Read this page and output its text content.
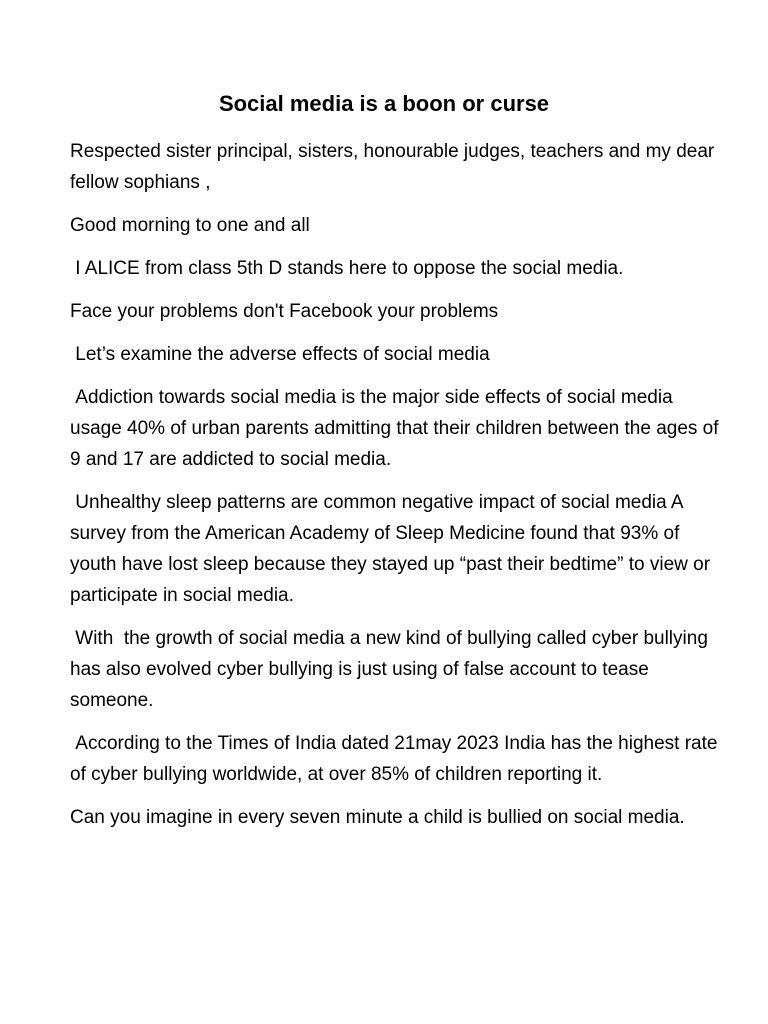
Social media is a boon or curse

Respected sister principal, sisters, honourable judges, teachers and my dear fellow sophians ,

Good morning to one and all

I ALICE from class 5th D stands here to oppose the social media.

Face your problems don't Facebook your problems

Let’s examine the adverse effects of social media

Addiction towards social media is the major side effects of social media usage 40% of urban parents admitting that their children between the ages of 9 and 17 are addicted to social media.

Unhealthy sleep patterns are common negative impact of social media A survey from the American Academy of Sleep Medicine found that 93% of youth have lost sleep because they stayed up “past their bedtime” to view or participate in social media.

With  the growth of social media a new kind of bullying called cyber bullying has also evolved cyber bullying is just using of false account to tease someone.

According to the Times of India dated 21may 2023 India has the highest rate of cyber bullying worldwide, at over 85% of children reporting it.

Can you imagine in every seven minute a child is bullied on social media.
